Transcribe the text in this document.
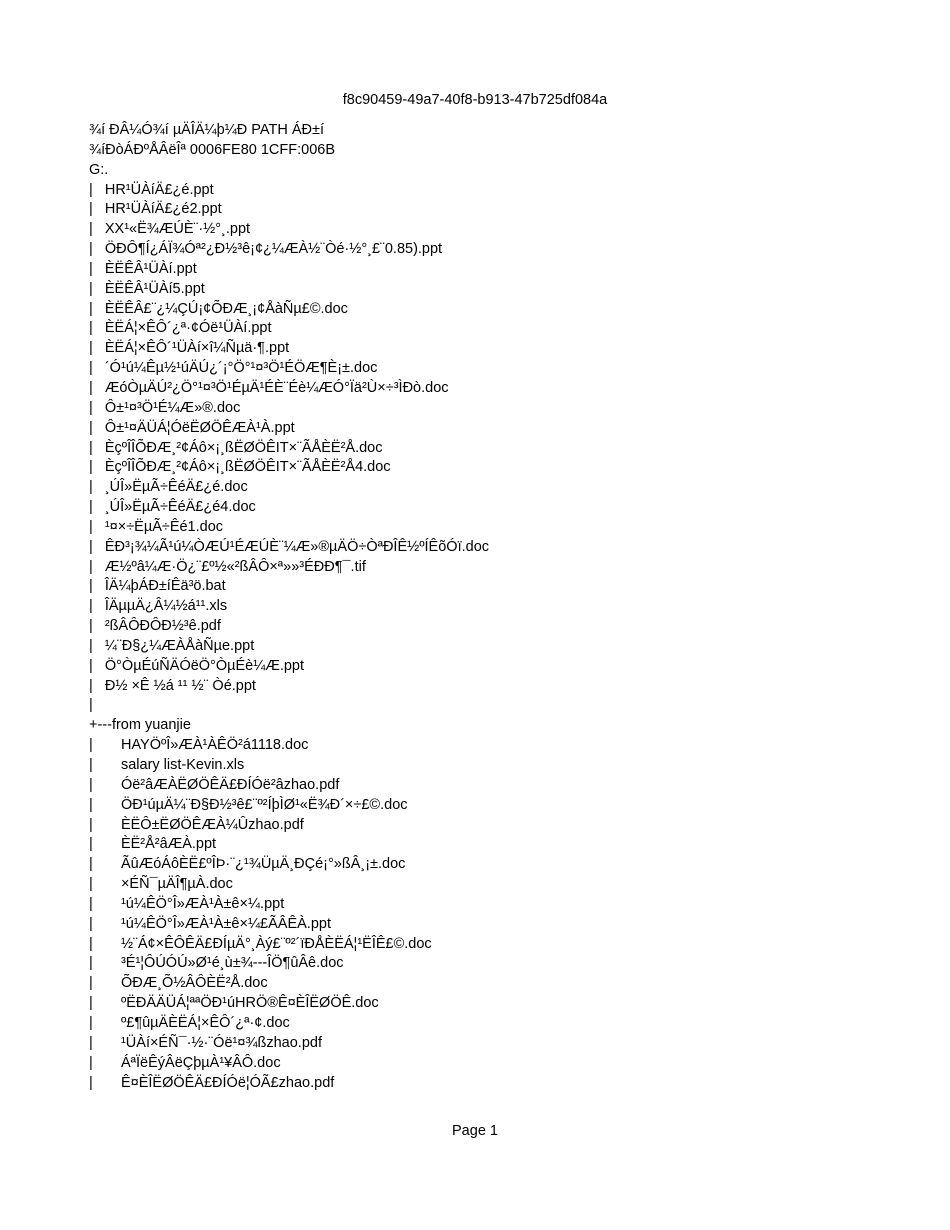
f8c90459-49a7-40f8-b913-47b725df084a
¾í ÐÂ¼Ó¾í µÄÎÄ¼þ¼Ð PATH ÁÐ±í
¾íÐòÁÐºÅÂëÎª 0006FE80 1CFF:006B
G:.
|   HR¹ÜÀíÄ£¿é.ppt
|   HR¹ÜÀíÄ£¿é2.ppt
|   XX¹«Ë¾ÆÚÈ¨·½°¸.ppt
|   ÖÐÔ¶Í¿ÁÏ¾Óª²¿Ð½³ê¡¢¿¼ÆÀ½¨Òé·½°¸£¨0.85).ppt
|   ÈËÊÂ¹ÜÀí.ppt
|   ÈËÊÂ¹ÜÀí5.ppt
|   ÈËÊÂ£¨¿¼ÇÚ¡¢ÕÐÆ¸¡¢ÅàÑµ£©.doc
|   ÈËÁ¦×ÊÔ´¿ª·¢Óë¹ÜÀí.ppt
|   ÈËÁ¦×ÊÔ´¹ÜÀí×î¼Ñµä·¶.ppt
|   ´Ó¹ú¼Êµ½¹úÄÚ¿´¡°Ö°¹¤³Ö¹ÉÖÆ¶È¡±.doc
|   ÆóÒµÄÚ²¿Ö°¹¤³Ö¹ÉµÄ¹ÉÈ¨Éè¼ÆÓ°Ïä²Ù×÷³ÌÐò.doc
|   Ô±¹¤³Ö¹É¼Æ»®.doc
|   Ô±¹¤ÄÜÁ¦ÓëËØÖÊÆÀ¹À.ppt
|   ÈçºÎÎÕÐÆ¸²¢Áô×¡¸ßËØÖÊIT×¨ÃÅÈË²Å.doc
|   ÈçºÎÎÕÐÆ¸²¢Áô×¡¸ßËØÖÊIT×¨ÃÅÈË²Å4.doc
|   ¸ÚÎ»ËµÃ÷ÊéÄ£¿é.doc
|   ¸ÚÎ»ËµÃ÷ÊéÄ£¿é4.doc
|   ¹¤×÷ËµÃ÷Êé1.doc
|   ÊÐ³¡¾¼Ã¹ú¼ÒÆÚ¹ÉÆÚÈ¨¼Æ»®µÄÖ÷ÒªÐÎÊ½ºÍÊõÓï.doc
|   Æ½ºâ¼Æ·Ö¿¨£º½«²ßÂÔ×ª»»³ÉÐÐ¶¯.tif
|   ÎÄ¼þÁÐ±íÊä³ö.bat
|   ÎÄµµÄ¿Â¼½á¹¹.xls
|   ²ßÂÔÐÔÐ½³ê.pdf
|   ¼¨Ð§¿¼ÆÀÅàÑµe.ppt
|   Ö°ÒµÉúÑÄÓëÖ°ÒµÉè¼Æ.ppt
|   Ð½ ×Ê ½á ¹¹ ½¨ Òé.ppt
|
+---from yuanjie
|       HAYÖºÎ»ÆÀ¹ÀÊÖ²á1118.doc
|       salary list-Kevin.xls
|       Óë²âÆÀËØÖÊÄ£ÐÍÓë²âzhao.pdf
|       ÖÐ¹úµÄ¼¨Ð§Ð½³ê£¨º²ÍþÌØ¹«Ë¾Ð´×÷£©.doc
|       ÈËÔ±ËØÖÊÆÀ¼Ûzhao.pdf
|       ÈË²Å²âÆÀ.ppt
|       ÃûÆóÁôÈË£ºÎÞ·¨¿¹¾ÜµÄ¸ÐÇé¡°»ßÂ¸¡±.doc
|       ×ÉÑ¯µÄÎ¶µÀ.doc
|       ¹ú¼ÊÖ°Î»ÆÀ¹À±ê×¼.ppt
|       ¹ú¼ÊÖ°Î»ÆÀ¹À±ê×¼£ÃÂÊÀ.ppt
|       ½¨Á¢×ÊÔÊÄ£ÐÍµÄ°¸Àý£¨º²´ïÐÅÈËÁ¦¹ËÎÊ£©.doc
|       ³É¹¦ÔÚÓÚ»Ø¹é¸ù±¾---ÎÖ¶ûÂê.doc
|       ÕÐÆ¸Õ½ÂÔÈË²Å.doc
|       ºËÐÄÄÜÁ¦ªªÖÐ¹úHRÖ®Ê¤ÈÎËØÖÊ.doc
|       º£¶ûµÄÈËÁ¦×ÊÔ´¿ª·¢.doc
|       ¹ÜÀí×ÉÑ¯·½·¨Óë¹¤¾ßzhao.pdf
|       ÁªÏëÊýÂëÇþµÀ¹¥ÂÔ.doc
|       Ê¤ÈÎËØÖÊÄ£ÐÍÓë¦ÓÃ£zhao.pdf
Page 1
